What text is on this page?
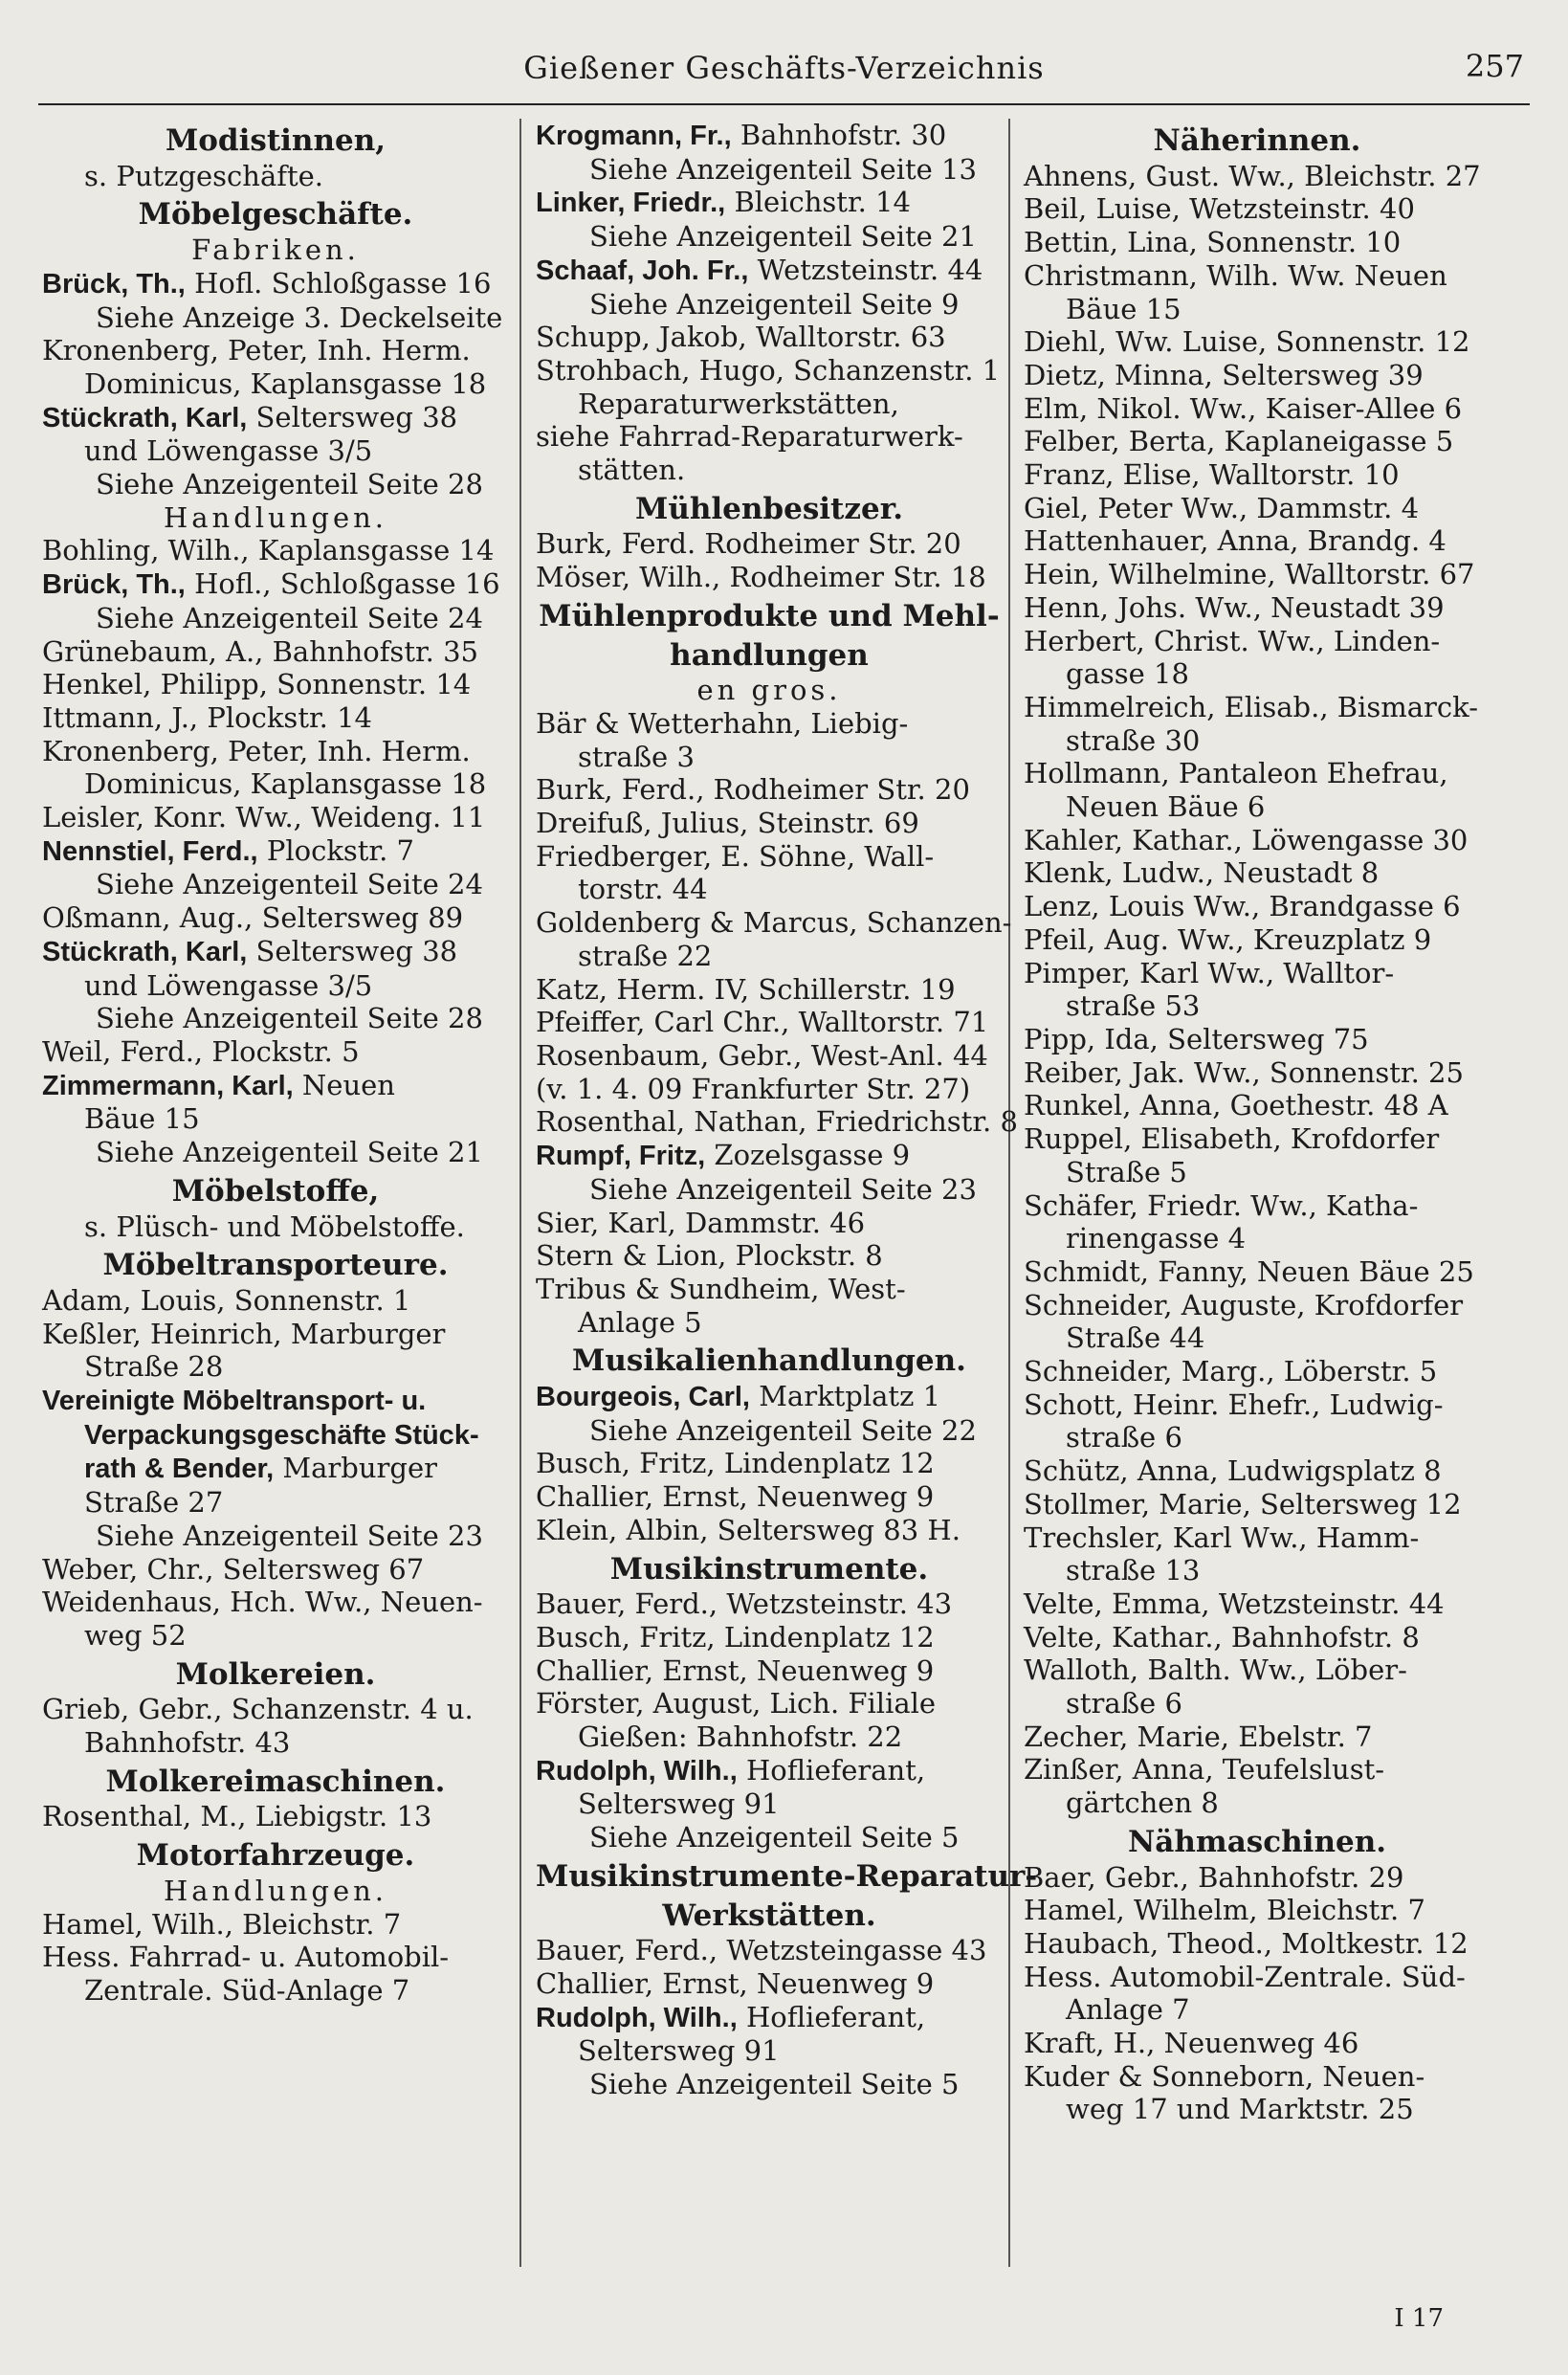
Gießener Geschäfts-Verzeichnis	257
Modistinnen,
s. Putzgeschäfte.
Möbelgeschäfte.
Fabriken.
Brück, Th., Hofl. Schloßgasse 16
Siehe Anzeige 3. Deckelseite
Kronenberg, Peter, Inh. Herm.
Dominicus, Kaplansgasse 18
Stückrath, Karl, Seltersweg 38
und Löwengasse 3/5
Siehe Anzeigenteil Seite 28
Handlungen.
Bohling, Wilh., Kaplansgasse 14
Brück, Th., Hofl., Schloßgasse 16
Siehe Anzeigenteil Seite 24
Grünebaum, A., Bahnhofstr. 35
Henkel, Philipp, Sonnenstr. 14
Ittmann, J., Plockstr. 14
Kronenberg, Peter, Inh. Herm.
Dominicus, Kaplansgasse 18
Leisler, Konr. Ww., Weideng. 11
Nennstiel, Ferd., Plockstr. 7
Siehe Anzeigenteil Seite 24
Oßmann, Aug., Seltersweg 89
Stückrath, Karl, Seltersweg 38
und Löwengasse 3/5
Siehe Anzeigenteil Seite 28
Weil, Ferd., Plockstr. 5
Zimmermann, Karl, Neuen
Bäue 15
Siehe Anzeigenteil Seite 21
Möbelstoffe,
s. Plüsch- und Möbelstoffe.
Möbeltransporteure.
Adam, Louis, Sonnenstr. 1
Keßler, Heinrich, Marburger
Straße 28
Vereinigte Möbeltransport- u.
Verpackungsgeschäfte Stück-
rath & Bender, Marburger
Straße 27
Siehe Anzeigenteil Seite 23
Weber, Chr., Seltersweg 67
Weidenhaus, Hch. Ww., Neuen-
weg 52
Molkereien.
Grieb, Gebr., Schanzenstr. 4 u.
Bahnhofstr. 43
Molkereimaschinen.
Rosenthal, M., Liebigstr. 13
Motorfahrzeuge.
Handlungen.
Hamel, Wilh., Bleichstr. 7
Hess. Fahrrad- u. Automobil-
Zentrale. Süd-Anlage 7
Krogmann, Fr., Bahnhofstr. 30
Siehe Anzeigenteil Seite 13
Linker, Friedr., Bleichstr. 14
Siehe Anzeigenteil Seite 21
Schaaf, Joh. Fr., Wetzsteinstr. 44
Siehe Anzeigenteil Seite 9
Schupp, Jakob, Walltorstr. 63
Strohbach, Hugo, Schanzenstr. 1
Reparaturwerkstätten,
siehe Fahrrad-Reparaturwerk-
stätten.
Mühlenbesitzer.
Burk, Ferd. Rodheimer Str. 20
Möser, Wilh., Rodheimer Str. 18
Mühlenprodukte und Mehl-
handlungen
en gros.
Bär & Wetterhahn, Liebig-
straße 3
Burk, Ferd., Rodheimer Str. 20
Dreifuß, Julius, Steinstr. 69
Friedberger, E. Söhne, Wall-
torstr. 44
Goldenberg & Marcus, Schanzen-
straße 22
Katz, Herm. IV, Schillerstr. 19
Pfeiffer, Carl Chr., Walltorstr. 71
Rosenbaum, Gebr., West-Anl. 44
(v. 1. 4. 09 Frankfurter Str. 27)
Rosenthal, Nathan, Friedrichstr. 8
Rumpf, Fritz, Zozelsgasse 9
Siehe Anzeigenteil Seite 23
Sier, Karl, Dammstr. 46
Stern & Lion, Plockstr. 8
Tribus & Sundheim, West-
Anlage 5
Musikalienhandlungen.
Bourgeois, Carl, Marktplatz 1
Siehe Anzeigenteil Seite 22
Busch, Fritz, Lindenplatz 12
Challier, Ernst, Neuenweg 9
Klein, Albin, Seltersweg 83 H.
Musikinstrumente.
Bauer, Ferd., Wetzsteinstr. 43
Busch, Fritz, Lindenplatz 12
Challier, Ernst, Neuenweg 9
Förster, August, Lich. Filiale
Gießen: Bahnhofstr. 22
Rudolph, Wilh., Hoflieferant,
Seltersweg 91
Siehe Anzeigenteil Seite 5
Musikinstrumente-Reparatur-
Werkstätten.
Bauer, Ferd., Wetzsteingasse 43
Challier, Ernst, Neuenweg 9
Rudolph, Wilh., Hoflieferant,
Seltersweg 91
Siehe Anzeigenteil Seite 5
Näherinnen.
Ahnens, Gust. Ww., Bleichstr. 27
Beil, Luise, Wetzsteinstr. 40
Bettin, Lina, Sonnenstr. 10
Christmann, Wilh. Ww. Neuen
Bäue 15
Diehl, Ww. Luise, Sonnenstr. 12
Dietz, Minna, Seltersweg 39
Elm, Nikol. Ww., Kaiser-Allee 6
Felber, Berta, Kaplaneigasse 5
Franz, Elise, Walltorstr. 10
Giel, Peter Ww., Dammstr. 4
Hattenhauer, Anna, Brandg. 4
Hein, Wilhelmine, Walltorstr. 67
Henn, Johs. Ww., Neustadt 39
Herbert, Christ. Ww., Linden-
gasse 18
Himmelreich, Elisab., Bismarck-
straße 30
Hollmann, Pantaleon Ehefrau,
Neuen Bäue 6
Kahler, Kathar., Löwengasse 30
Klenk, Ludw., Neustadt 8
Lenz, Louis Ww., Brandgasse 6
Pfeil, Aug. Ww., Kreuzplatz 9
Pimper, Karl Ww., Walltor-
straße 53
Pipp, Ida, Seltersweg 75
Reiber, Jak. Ww., Sonnenstr. 25
Runkel, Anna, Goethestr. 48 A
Ruppel, Elisabeth, Krofdorfer
Straße 5
Schäfer, Friedr. Ww., Katha-
rinengasse 4
Schmidt, Fanny, Neuen Bäue 25
Schneider, Auguste, Krofdorfer
Straße 44
Schneider, Marg., Löberstr. 5
Schott, Heinr. Ehefr., Ludwig-
straße 6
Schütz, Anna, Ludwigsplatz 8
Stollmer, Marie, Seltersweg 12
Trechsler, Karl Ww., Hamm-
straße 13
Velte, Emma, Wetzsteinstr. 44
Velte, Kathar., Bahnhofstr. 8
Walloth, Balth. Ww., Löber-
straße 6
Zecher, Marie, Ebelstr. 7
Zinßer, Anna, Teufelslust-
gärtchen 8
Nähmaschinen.
Baer, Gebr., Bahnhofstr. 29
Hamel, Wilhelm, Bleichstr. 7
Haubach, Theod., Moltkestr. 12
Hess. Automobil-Zentrale. Süd-
Anlage 7
Kraft, H., Neuenweg 46
Kuder & Sonneborn, Neuen-
weg 17 und Marktstr. 25
I 17
